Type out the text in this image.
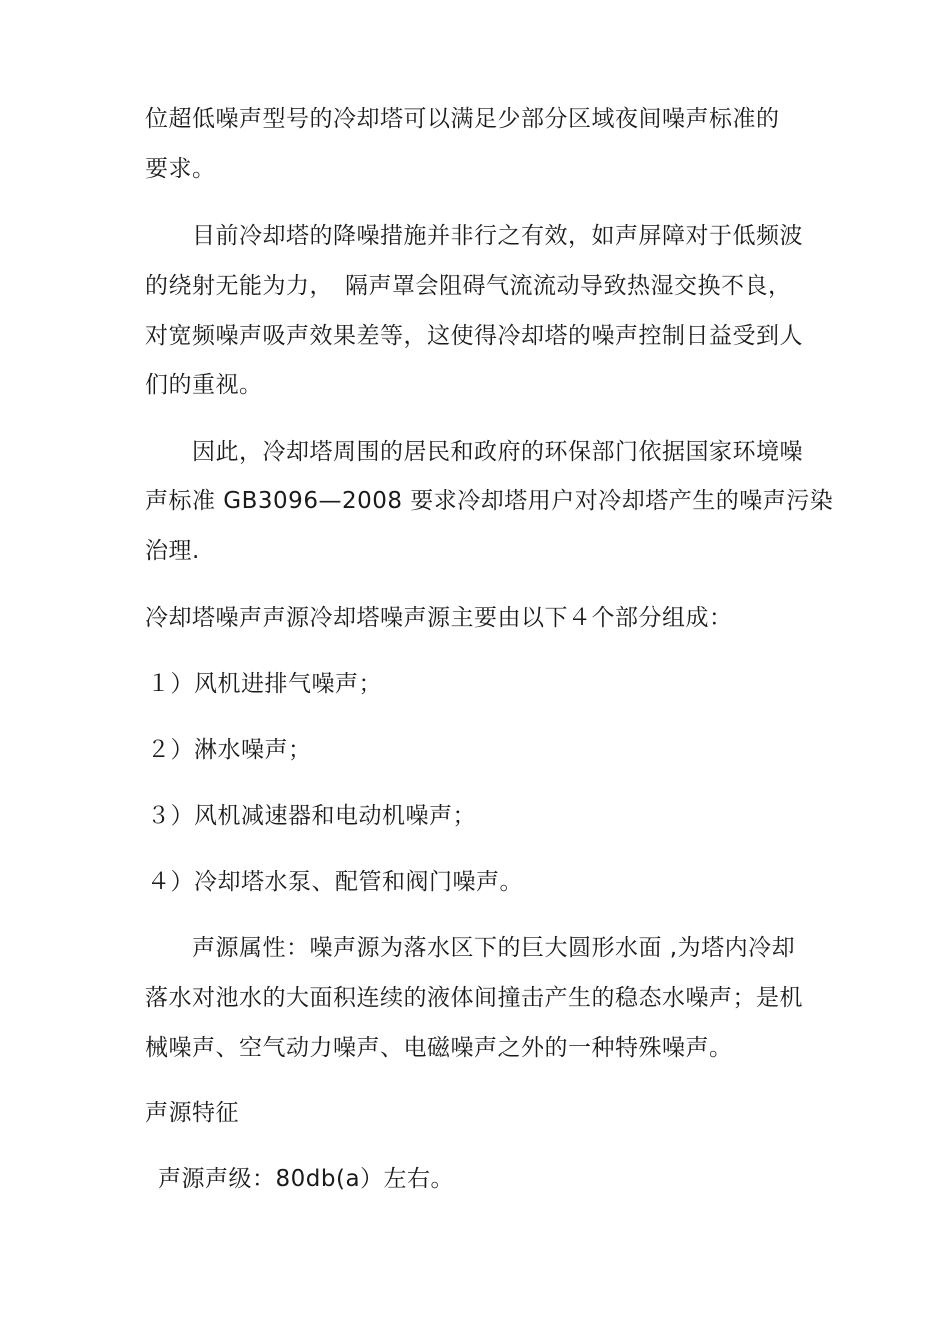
位超低噪声型号的冷却塔可以满足少部分区域夜间噪声标准的
要求。
目前冷却塔的降噪措施并非行之有效，如声屏障对于低频波
的绕射无能为力，　隔声罩会阻碍气流流动导致热湿交换不良，
对宽频噪声吸声效果差等，这使得冷却塔的噪声控制日益受到人
们的重视。
因此，冷却塔周围的居民和政府的环保部门依据国家环境噪
声标准 GB3096—2008 要求冷却塔用户对冷却塔产生的噪声污染
治理.
冷却塔噪声声源冷却塔噪声源主要由以下４个部分组成：
１）风机进排气噪声；
２）淋水噪声；
３）风机减速器和电动机噪声；
４）冷却塔水泵、配管和阀门噪声。
声源属性：噪声源为落水区下的巨大圆形水面 ,为塔内冷却
落水对池水的大面积连续的液体间撞击产生的稳态水噪声；是机
械噪声、空气动力噪声、电磁噪声之外的一种特殊噪声。
声源特征
声源声级：80db(a）左右。
